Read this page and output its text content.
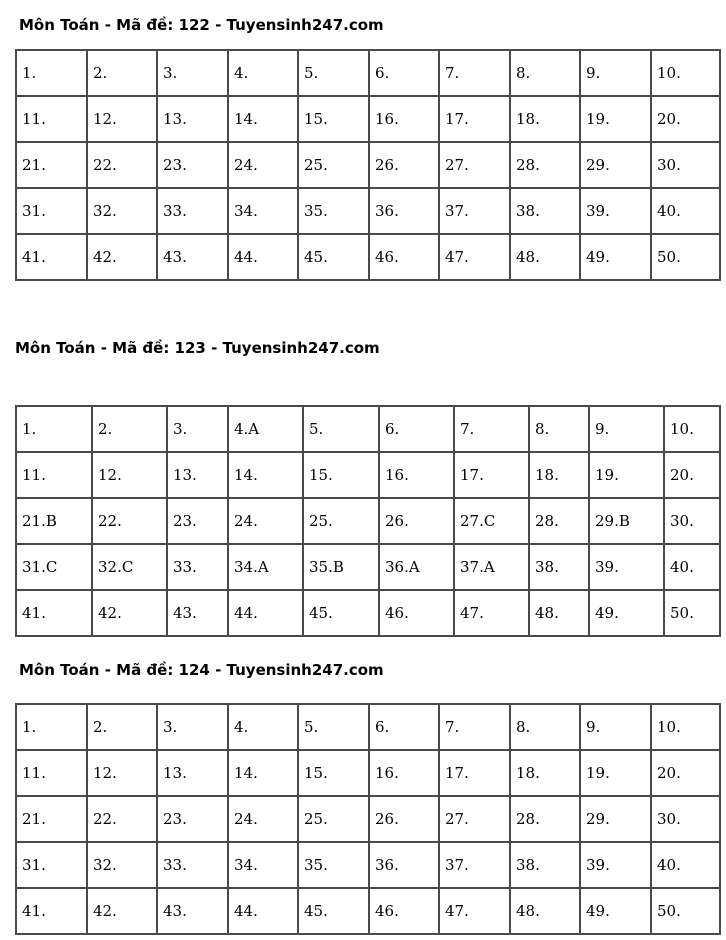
Môn Toán - Mã đề: 122 - Tuyensinh247.com
1.	2.	3.	4.	5.	6.	7.	8.	9.	10.
11.	12.	13.	14.	15.	16.	17.	18.	19.	20.
21.	22.	23.	24.	25.	26.	27.	28.	29.	30.
31.	32.	33.	34.	35.	36.	37.	38.	39.	40.
41.	42.	43.	44.	45.	46.	47.	48.	49.	50.
Môn Toán - Mã đề: 123 - Tuyensinh247.com
1.	2.	3.	4.A	5.	6.	7.	8.	9.	10.
11.	12.	13.	14.	15.	16.	17.	18.	19.	20.
21.B	22.	23.	24.	25.	26.	27.C	28.	29.B	30.
31.C	32.C	33.	34.A	35.B	36.A	37.A	38.	39.	40.
41.	42.	43.	44.	45.	46.	47.	48.	49.	50.
Môn Toán - Mã đề: 124 - Tuyensinh247.com
1.	2.	3.	4.	5.	6.	7.	8.	9.	10.
11.	12.	13.	14.	15.	16.	17.	18.	19.	20.
21.	22.	23.	24.	25.	26.	27.	28.	29.	30.
31.	32.	33.	34.	35.	36.	37.	38.	39.	40.
41.	42.	43.	44.	45.	46.	47.	48.	49.	50.
